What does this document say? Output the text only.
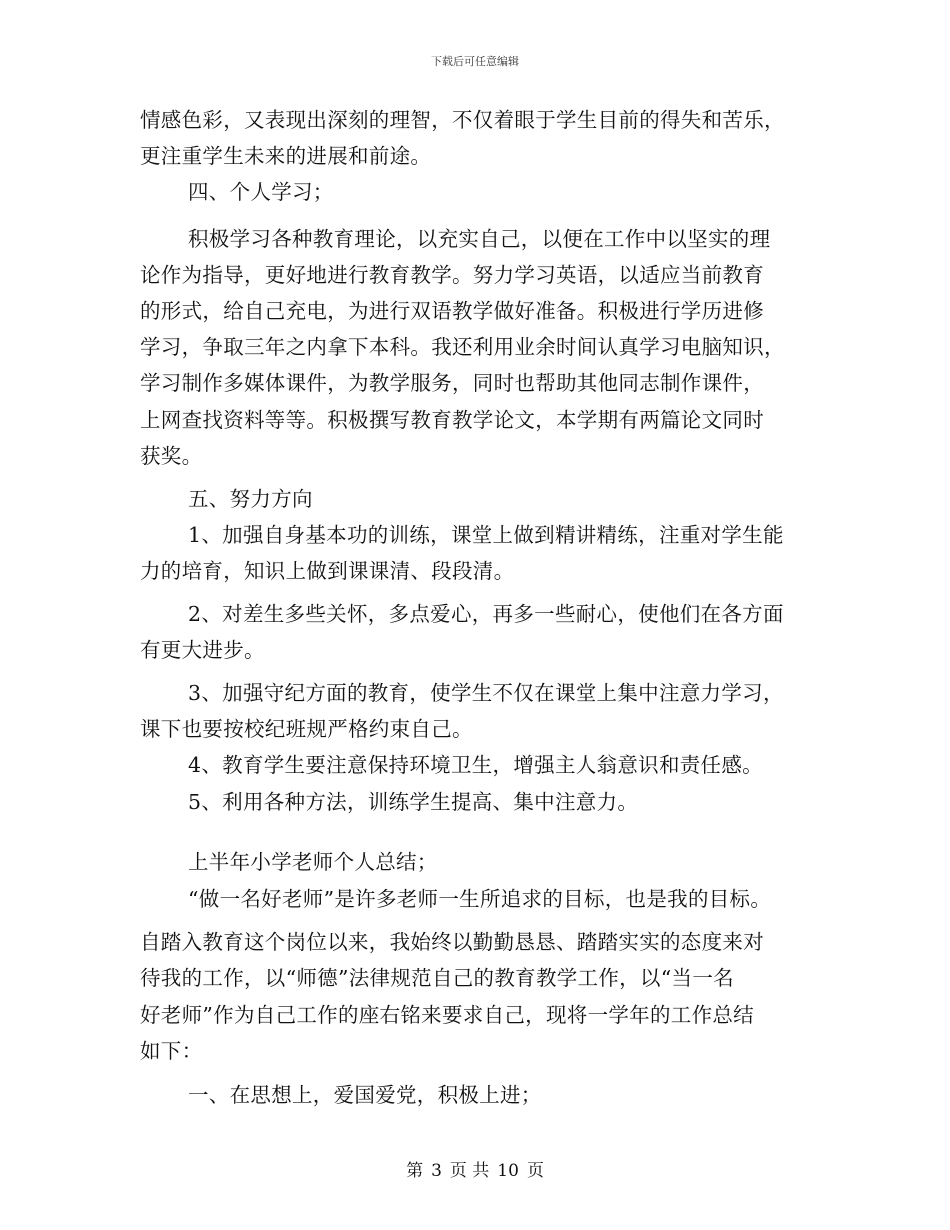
下载后可任意编辑
情感色彩，又表现出深刻的理智，不仅着眼于学生目前的得失和苦乐，
更注重学生未来的进展和前途。
四、个人学习；
积极学习各种教育理论，以充实自己，以便在工作中以坚实的理
论作为指导，更好地进行教育教学。努力学习英语，以适应当前教育
的形式，给自己充电，为进行双语教学做好准备。积极进行学历进修
学习，争取三年之内拿下本科。我还利用业余时间认真学习电脑知识，
学习制作多媒体课件，为教学服务，同时也帮助其他同志制作课件，
上网查找资料等等。积极撰写教育教学论文，本学期有两篇论文同时
获奖。
五、努力方向
1、加强自身基本功的训练，课堂上做到精讲精练，注重对学生能
力的培育，知识上做到课课清、段段清。
2、对差生多些关怀，多点爱心，再多一些耐心，使他们在各方面
有更大进步。
3、加强守纪方面的教育，使学生不仅在课堂上集中注意力学习，
课下也要按校纪班规严格约束自己。
4、教育学生要注意保持环境卫生，增强主人翁意识和责任感。
5、利用各种方法，训练学生提高、集中注意力。
上半年小学老师个人总结；
“做一名好老师”是许多老师一生所追求的目标，也是我的目标。
自踏入教育这个岗位以来，我始终以勤勤恳恳、踏踏实实的态度来对
待我的工作，以“师德”法律规范自己的教育教学工作，以“当一名
好老师”作为自己工作的座右铭来要求自己，现将一学年的工作总结
如下：
一、在思想上，爱国爱党，积极上进；
第 3 页 共 10 页
